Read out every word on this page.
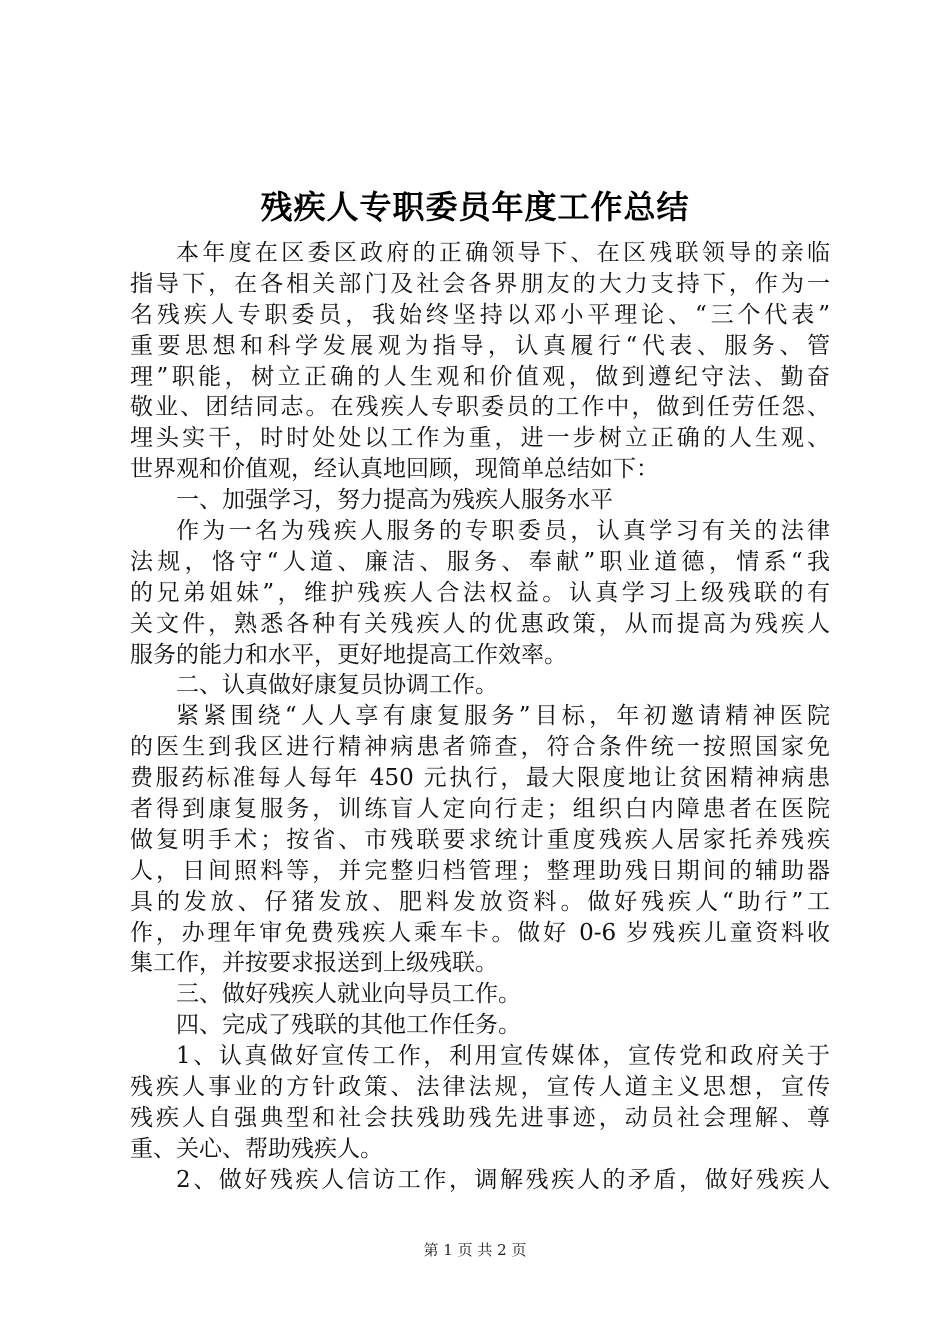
残疾人专职委员年度工作总结
本年度在区委区政府的正确领导下、在区残联领导的亲临
指导下，在各相关部门及社会各界朋友的大力支持下，作为一
名残疾人专职委员，我始终坚持以邓小平理论、“三个代表”
重要思想和科学发展观为指导，认真履行“代表、服务、管
理”职能，树立正确的人生观和价值观，做到遵纪守法、勤奋
敬业、团结同志。在残疾人专职委员的工作中，做到任劳任怨、
埋头实干，时时处处以工作为重，进一步树立正确的人生观、
世界观和价值观，经认真地回顾，现简单总结如下：
一、加强学习，努力提高为残疾人服务水平
作为一名为残疾人服务的专职委员，认真学习有关的法律
法规，恪守“人道、廉洁、服务、奉献”职业道德，情系“我
的兄弟姐妹”，维护残疾人合法权益。认真学习上级残联的有
关文件，熟悉各种有关残疾人的优惠政策，从而提高为残疾人
服务的能力和水平，更好地提高工作效率。
二、认真做好康复员协调工作。
紧紧围绕“人人享有康复服务”目标，年初邀请精神医院
的医生到我区进行精神病患者筛查，符合条件统一按照国家免
费服药标准每人每年 450 元执行，最大限度地让贫困精神病患
者得到康复服务，训练盲人定向行走；组织白内障患者在医院
做复明手术；按省、市残联要求统计重度残疾人居家托养残疾
人，日间照料等，并完整归档管理；整理助残日期间的辅助器
具的发放、仔猪发放、肥料发放资料。做好残疾人“助行”工
作，办理年审免费残疾人乘车卡。做好 0-6 岁残疾儿童资料收
集工作，并按要求报送到上级残联。
三、做好残疾人就业向导员工作。
四、完成了残联的其他工作任务。
1、认真做好宣传工作，利用宣传媒体，宣传党和政府关于
残疾人事业的方针政策、法律法规，宣传人道主义思想，宣传
残疾人自强典型和社会扶残助残先进事迹，动员社会理解、尊
重、关心、帮助残疾人。
2、做好残疾人信访工作，调解残疾人的矛盾，做好残疾人
第 1 页 共 2 页
